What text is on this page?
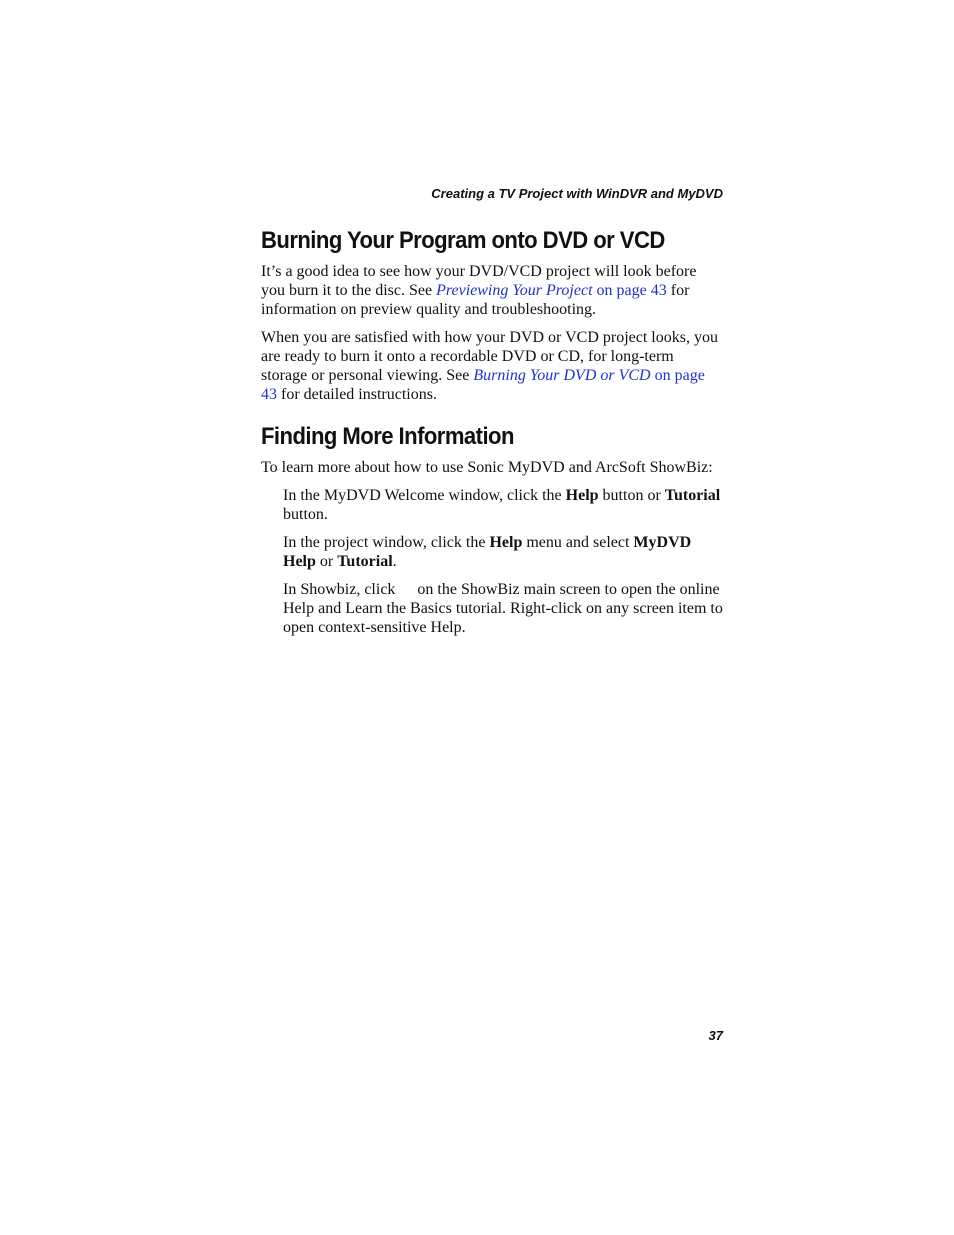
Creating a TV Project with WinDVR and MyDVD
Burning Your Program onto DVD or VCD

It’s a good idea to see how your DVD/VCD project will look before you burn it to the disc. See Previewing Your Project on page 43 for information on preview quality and troubleshooting.

When you are satisfied with how your DVD or VCD project looks, you are ready to burn it onto a recordable DVD or CD, for long-term storage or personal viewing. See Burning Your DVD or VCD on page 43 for detailed instructions.

Finding More Information

To learn more about how to use Sonic MyDVD and ArcSoft ShowBiz:

In the MyDVD Welcome window, click the Help button or Tutorial button.

In the project window, click the Help menu and select MyDVD Help or Tutorial.

In Showbiz, click  on the ShowBiz main screen to open the online Help and Learn the Basics tutorial. Right-click on any screen item to open context-sensitive Help.

37
